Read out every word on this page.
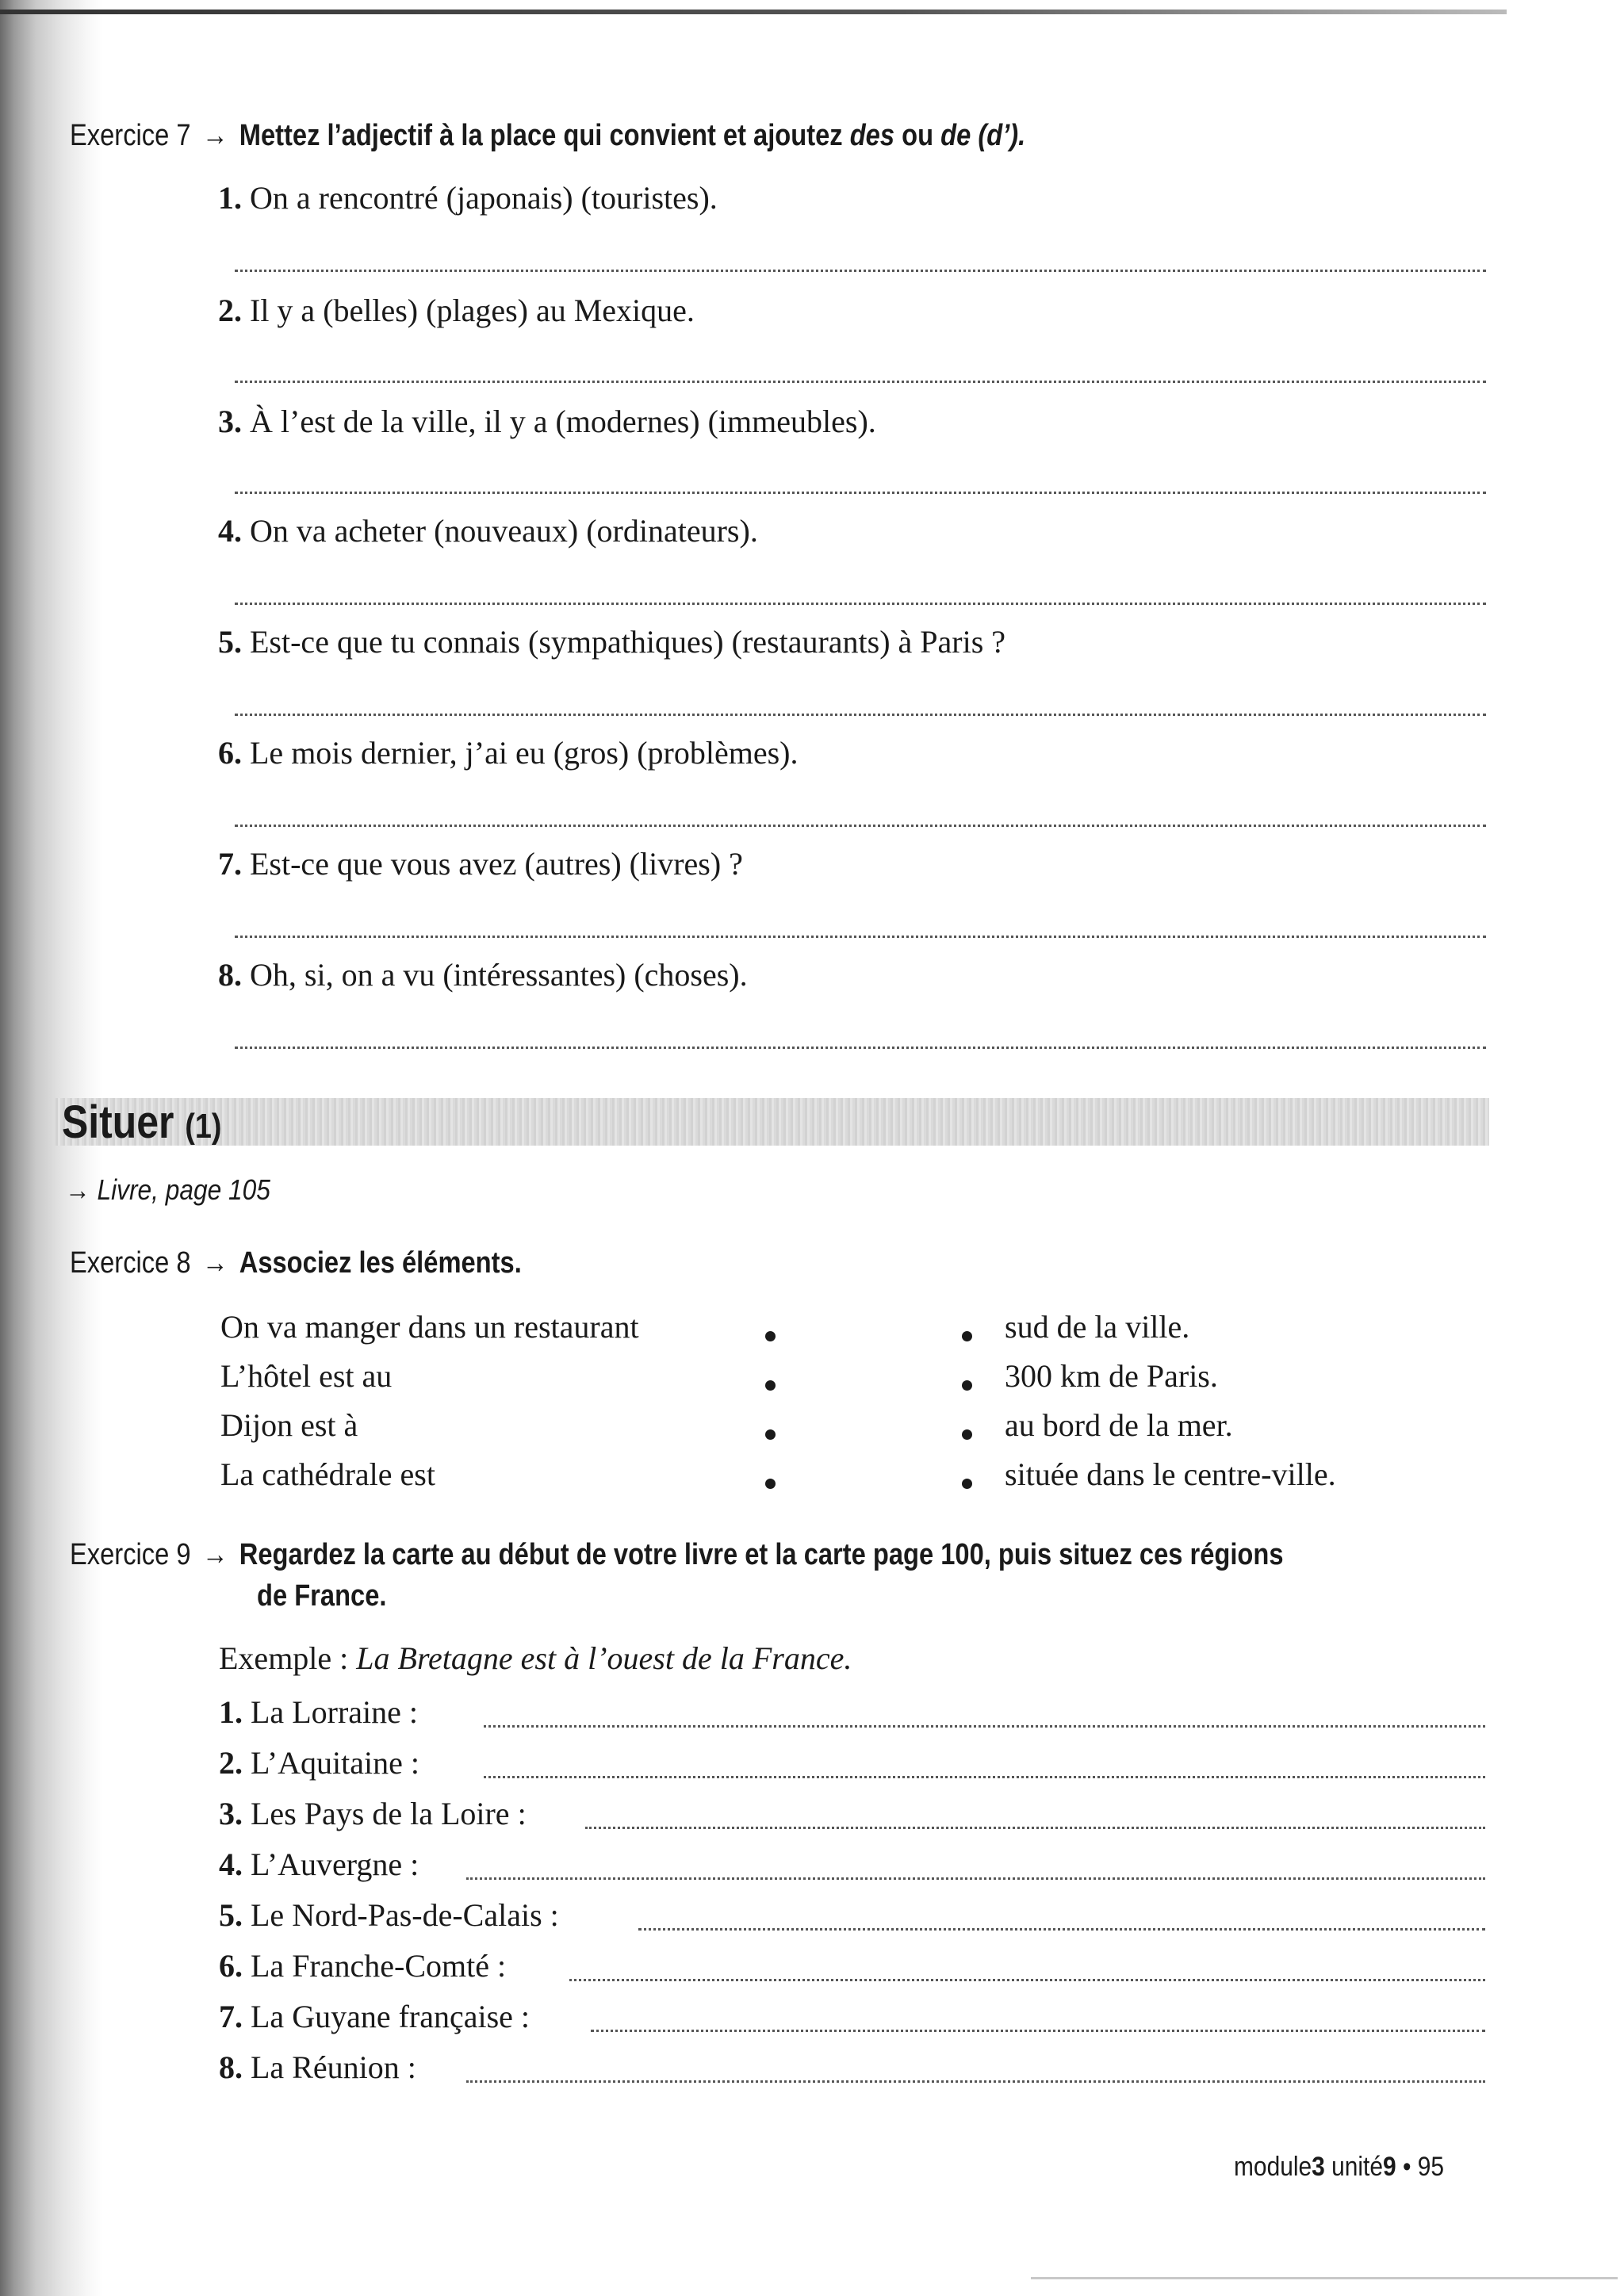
Exercice 7 → Mettez l’adjectif à la place qui convient et ajoutez des ou de (d’).
1. On a rencontré (japonais) (touristes).
2. Il y a (belles) (plages) au Mexique.
3. À l’est de la ville, il y a (modernes) (immeubles).
4. On va acheter (nouveaux) (ordinateurs).
5. Est-ce que tu connais (sympathiques) (restaurants) à Paris ?
6. Le mois dernier, j’ai eu (gros) (problèmes).
7. Est-ce que vous avez (autres) (livres) ?
8. Oh, si, on a vu (intéressantes) (choses).
Situer (1)
→ Livre, page 105
Exercice 8 → Associez les éléments.
On va manger dans un restaurant
L’hôtel est au
Dijon est à
La cathédrale est
sud de la ville.
300 km de Paris.
au bord de la mer.
située dans le centre-ville.
Exercice 9 → Regardez la carte au début de votre livre et la carte page 100, puis situez ces régions
de France.
Exemple : La Bretagne est à l’ouest de la France.
1. La Lorraine :
2. L’Aquitaine :
3. Les Pays de la Loire :
4. L’Auvergne :
5. Le Nord-Pas-de-Calais :
6. La Franche-Comté :
7. La Guyane française :
8. La Réunion :
module3 unité9 • 95
